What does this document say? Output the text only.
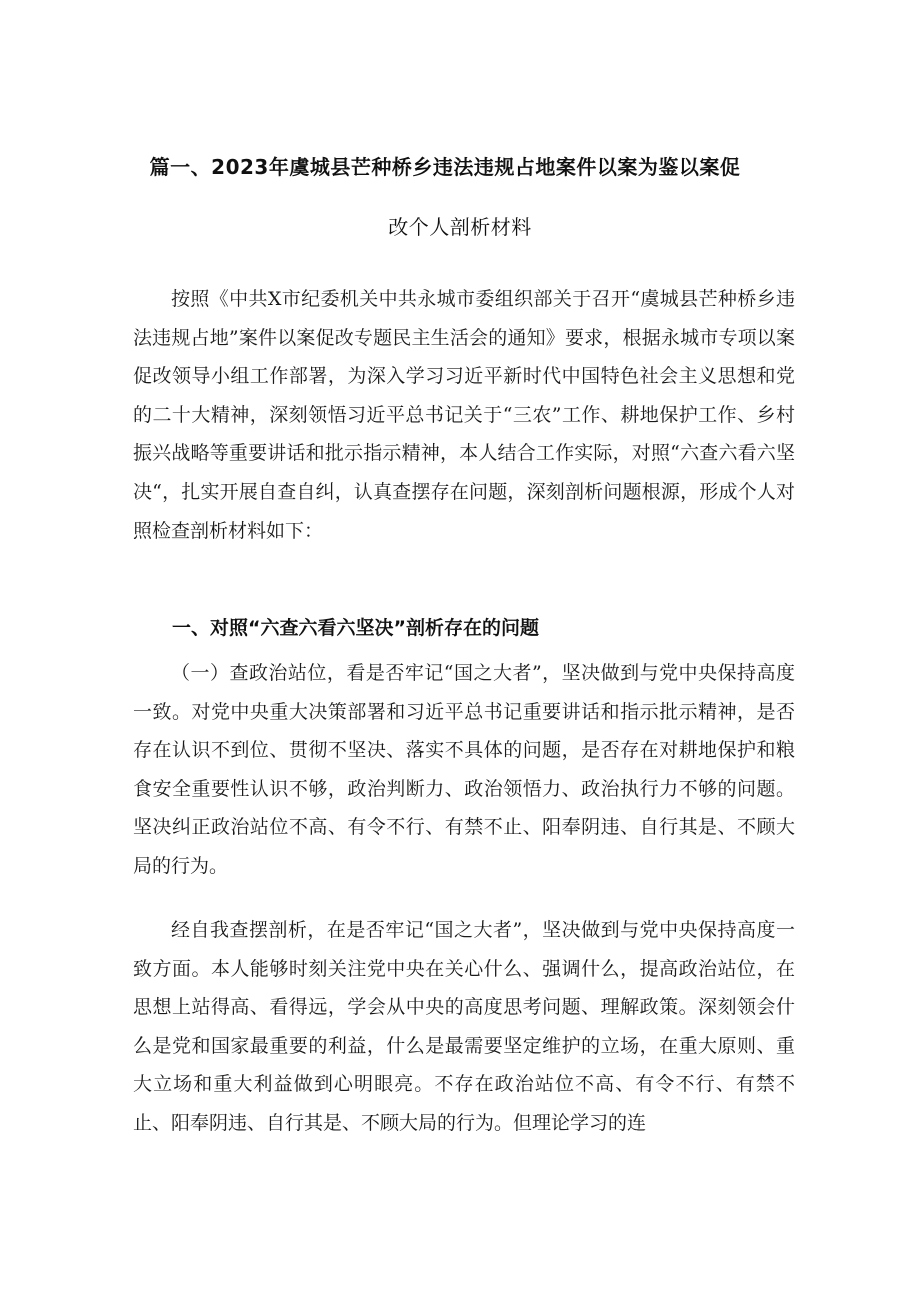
篇一、2023年虞城县芒种桥乡违法违规占地案件以案为鉴以案促
改个人剖析材料

按照《中共X市纪委机关中共永城市委组织部关于召开“虞城县芒种桥乡违法违规占地”案件以案促改专题民主生活会的通知》要求，根据永城市专项以案促改领导小组工作部署，为深入学习习近平新时代中国特色社会主义思想和党的二十大精神，深刻领悟习近平总书记关于“三农”工作、耕地保护工作、乡村振兴战略等重要讲话和批示指示精神，本人结合工作实际，对照“六查六看六坚决“，扎实开展自查自纠，认真查摆存在问题，深刻剖析问题根源，形成个人对照检查剖析材料如下：

一、对照“六查六看六坚决”剖析存在的问题

（一）查政治站位，看是否牢记“国之大者”，坚决做到与党中央保持高度一致。对党中央重大决策部署和习近平总书记重要讲话和指示批示精神，是否存在认识不到位、贯彻不坚决、落实不具体的问题，是否存在对耕地保护和粮食安全重要性认识不够，政治判断力、政治领悟力、政治执行力不够的问题。坚决纠正政治站位不高、有令不行、有禁不止、阳奉阴违、自行其是、不顾大局的行为。

经自我查摆剖析，在是否牢记“国之大者”，坚决做到与党中央保持高度一致方面。本人能够时刻关注党中央在关心什么、强调什么，提高政治站位，在思想上站得高、看得远，学会从中央的高度思考问题、理解政策。深刻领会什么是党和国家最重要的利益，什么是最需要坚定维护的立场，在重大原则、重大立场和重大利益做到心明眼亮。不存在政治站位不高、有令不行、有禁不止、阳奉阴违、自行其是、不顾大局的行为。但理论学习的连
